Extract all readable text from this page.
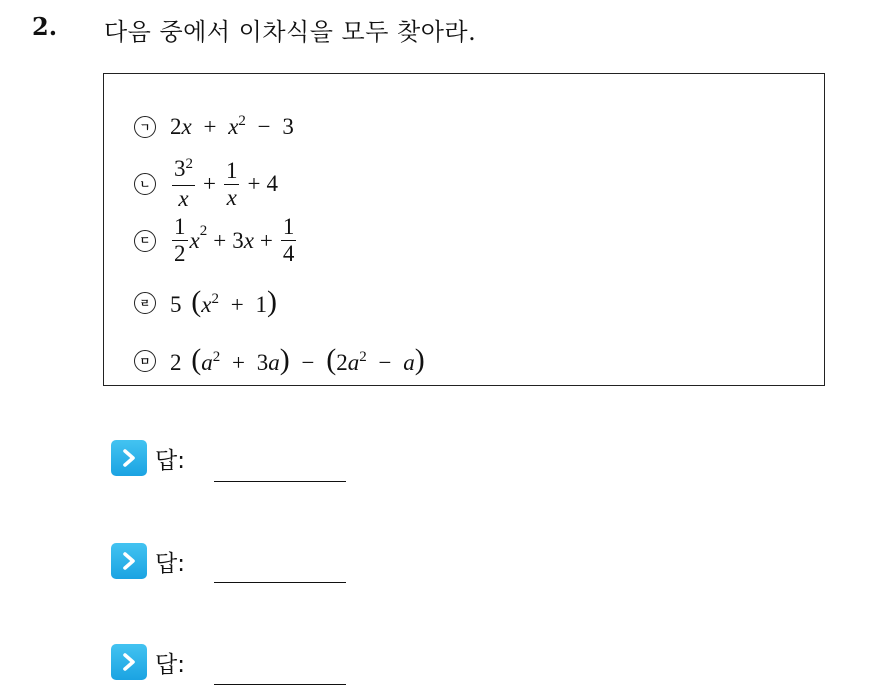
2. 다음 중에서 이차식을 모두 찾아라.
ㄱ $2x + x^2 - 3$
ㄴ $\frac{3^2}{x} + \frac{1}{x} + 4$
ㄷ $\frac{1}{2} x^2 + 3$ $x + \frac{1}{4}$
ㄹ 5 $(x^2 + 1)$
ㅁ 2 $(a^2 + 3a) - (2a^2 - a)$
답:
답:
답:
